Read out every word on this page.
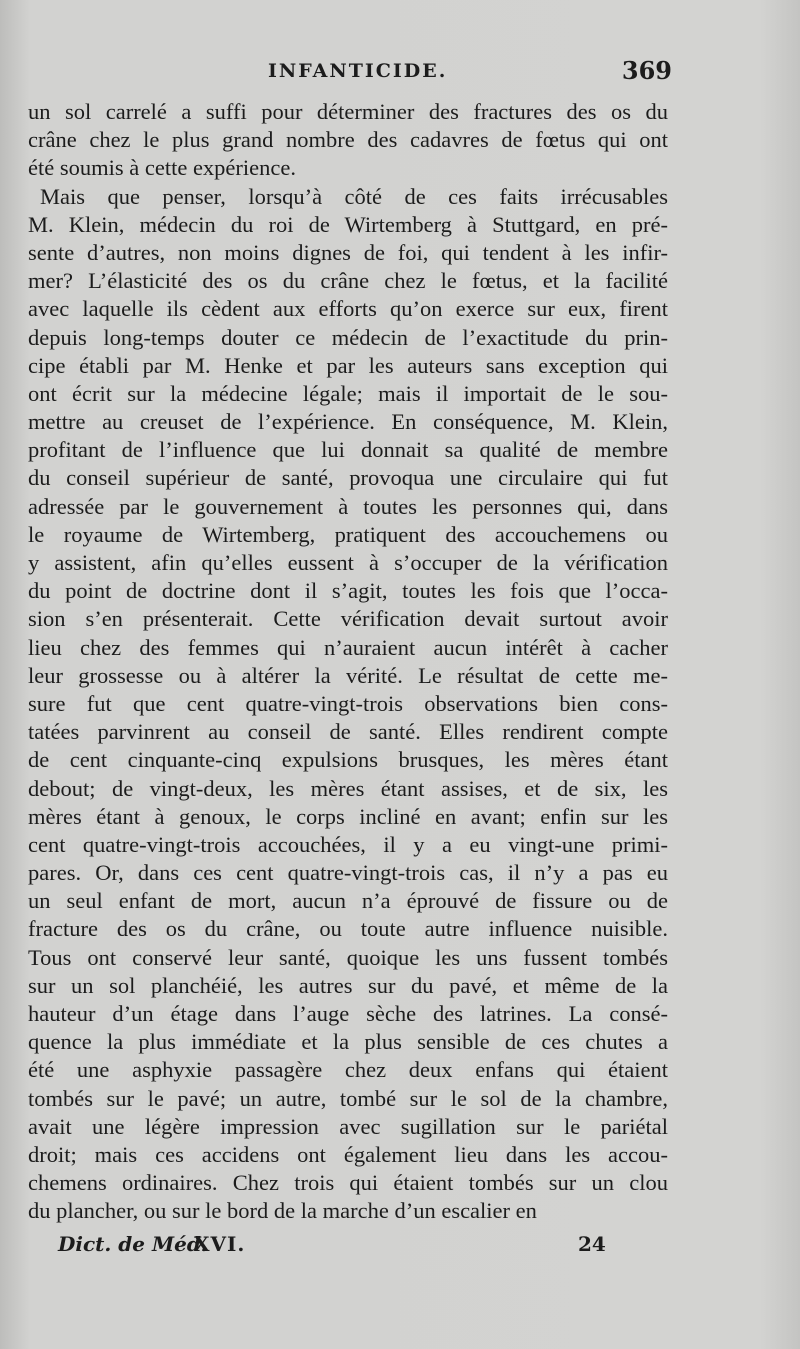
INFANTICIDE.	369
un sol carrelé a suffi pour déterminer des fractures des os du
crâne chez le plus grand nombre des cadavres de fœtus qui ont
été soumis à cette expérience.
Mais que penser, lorsqu’à côté de ces faits irrécusables
M. Klein, médecin du roi de Wirtemberg à Stuttgard, en pré-
sente d’autres, non moins dignes de foi, qui tendent à les infir-
mer? L’élasticité des os du crâne chez le fœtus, et la facilité
avec laquelle ils cèdent aux efforts qu’on exerce sur eux, firent
depuis long-temps douter ce médecin de l’exactitude du prin-
cipe établi par M. Henke et par les auteurs sans exception qui
ont écrit sur la médecine légale; mais il importait de le sou-
mettre au creuset de l’expérience. En conséquence, M. Klein,
profitant de l’influence que lui donnait sa qualité de membre
du conseil supérieur de santé, provoqua une circulaire qui fut
adressée par le gouvernement à toutes les personnes qui, dans
le royaume de Wirtemberg, pratiquent des accouchemens ou
y assistent, afin qu’elles eussent à s’occuper de la vérification
du point de doctrine dont il s’agit, toutes les fois que l’occa-
sion s’en présenterait. Cette vérification devait surtout avoir
lieu chez des femmes qui n’auraient aucun intérêt à cacher
leur grossesse ou à altérer la vérité. Le résultat de cette me-
sure fut que cent quatre-vingt-trois observations bien cons-
tatées parvinrent au conseil de santé. Elles rendirent compte
de cent cinquante-cinq expulsions brusques, les mères étant
debout; de vingt-deux, les mères étant assises, et de six, les
mères étant à genoux, le corps incliné en avant; enfin sur les
cent quatre-vingt-trois accouchées, il y a eu vingt-une primi-
pares. Or, dans ces cent quatre-vingt-trois cas, il n’y a pas eu
un seul enfant de mort, aucun n’a éprouvé de fissure ou de
fracture des os du crâne, ou toute autre influence nuisible.
Tous ont conservé leur santé, quoique les uns fussent tombés
sur un sol planchéié, les autres sur du pavé, et même de la
hauteur d’un étage dans l’auge sèche des latrines. La consé-
quence la plus immédiate et la plus sensible de ces chutes a
été une asphyxie passagère chez deux enfans qui étaient
tombés sur le pavé; un autre, tombé sur le sol de la chambre,
avait une légère impression avec sugillation sur le pariétal
droit; mais ces accidens ont également lieu dans les accou-
chemens ordinaires. Chez trois qui étaient tombés sur un clou
du plancher, ou sur le bord de la marche d’un escalier en
Dict. de Méd.
XVI.	24
